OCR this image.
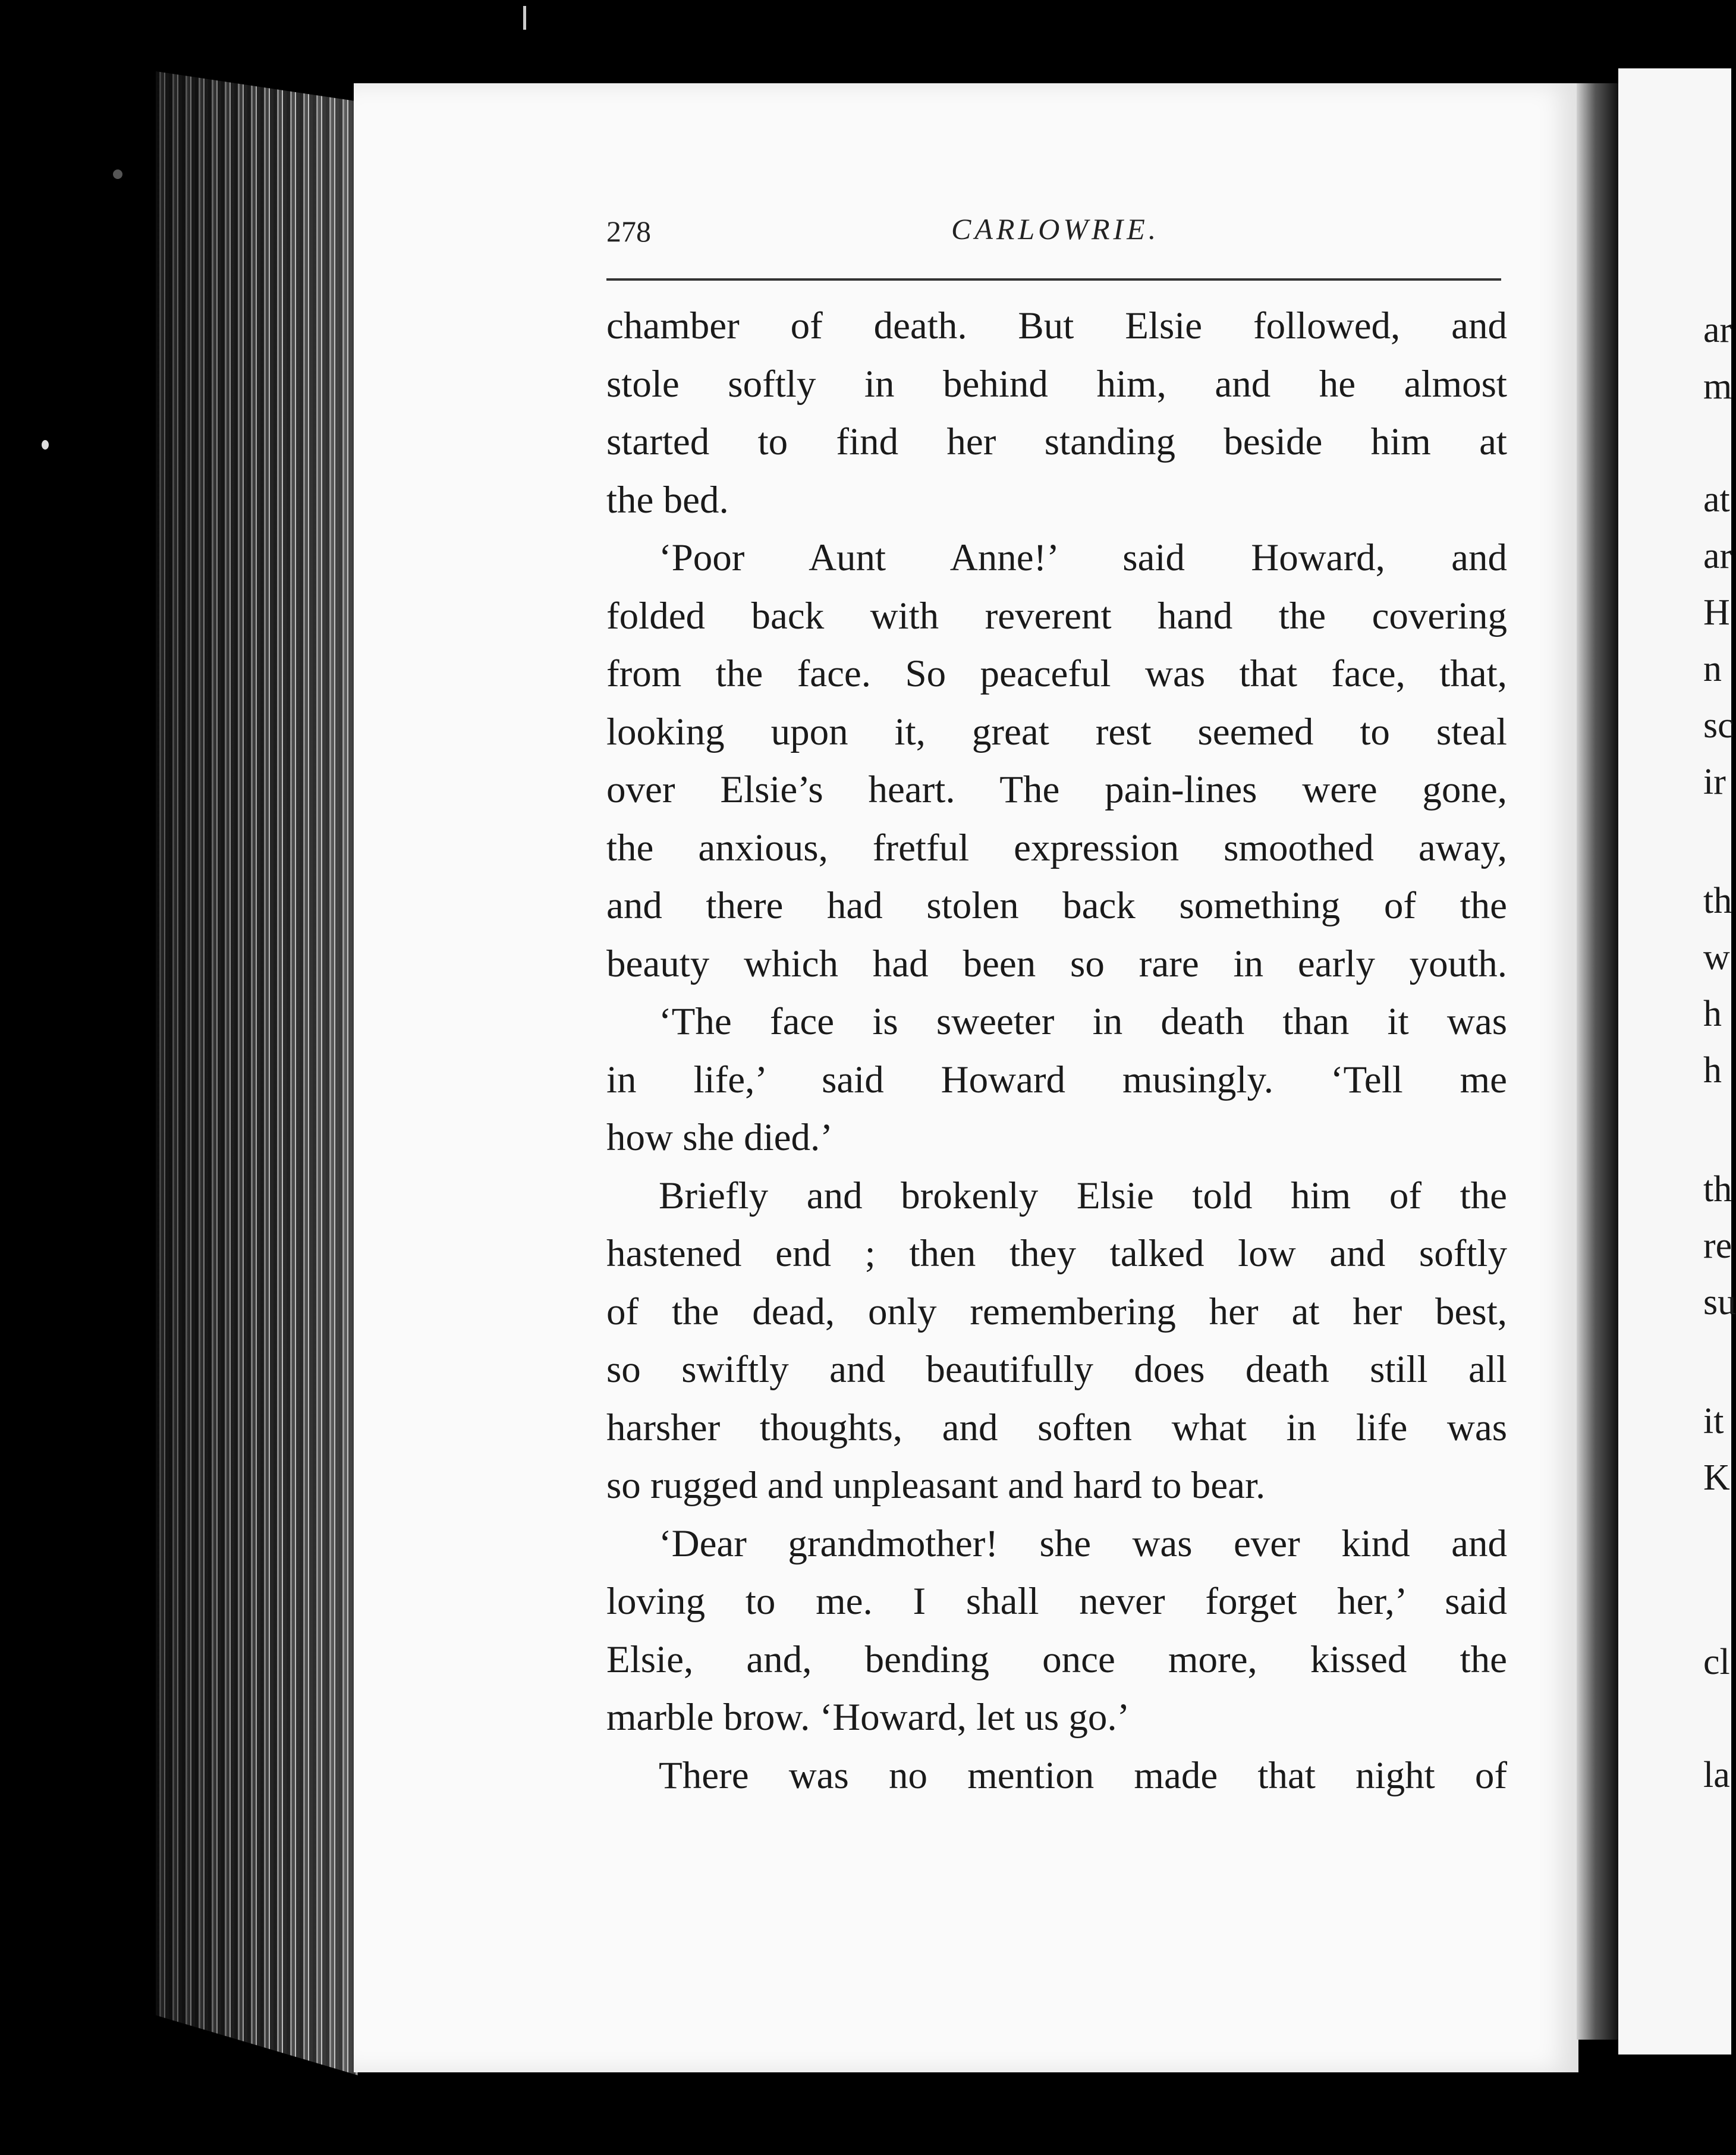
278	CARLOWRIE.
chamber of death. But Elsie followed, and
stole softly in behind him, and he almost
started to find her standing beside him at
the bed.
‘Poor Aunt Anne!’ said Howard, and
folded back with reverent hand the covering
from the face. So peaceful was that face, that,
looking upon it, great rest seemed to steal
over Elsie’s heart. The pain-lines were gone,
the anxious, fretful expression smoothed away,
and there had stolen back something of the
beauty which had been so rare in early youth.
‘The face is sweeter in death than it was
in life,’ said Howard musingly. ‘Tell me
how she died.’
Briefly and brokenly Elsie told him of the
hastened end ; then they talked low and softly
of the dead, only remembering her at her best,
so swiftly and beautifully does death still all
harsher thoughts, and soften what in life was
so rugged and unpleasant and hard to bear.
‘Dear grandmother! she was ever kind and
loving to me. I shall never forget her,’ said
Elsie, and, bending once more, kissed the
marble brow. ‘Howard, let us go.’
There was no mention made that night of
ar
m
at
ar
H
n
sc
ir
th
w
h
h
th
re
su
it
K
cl
la
